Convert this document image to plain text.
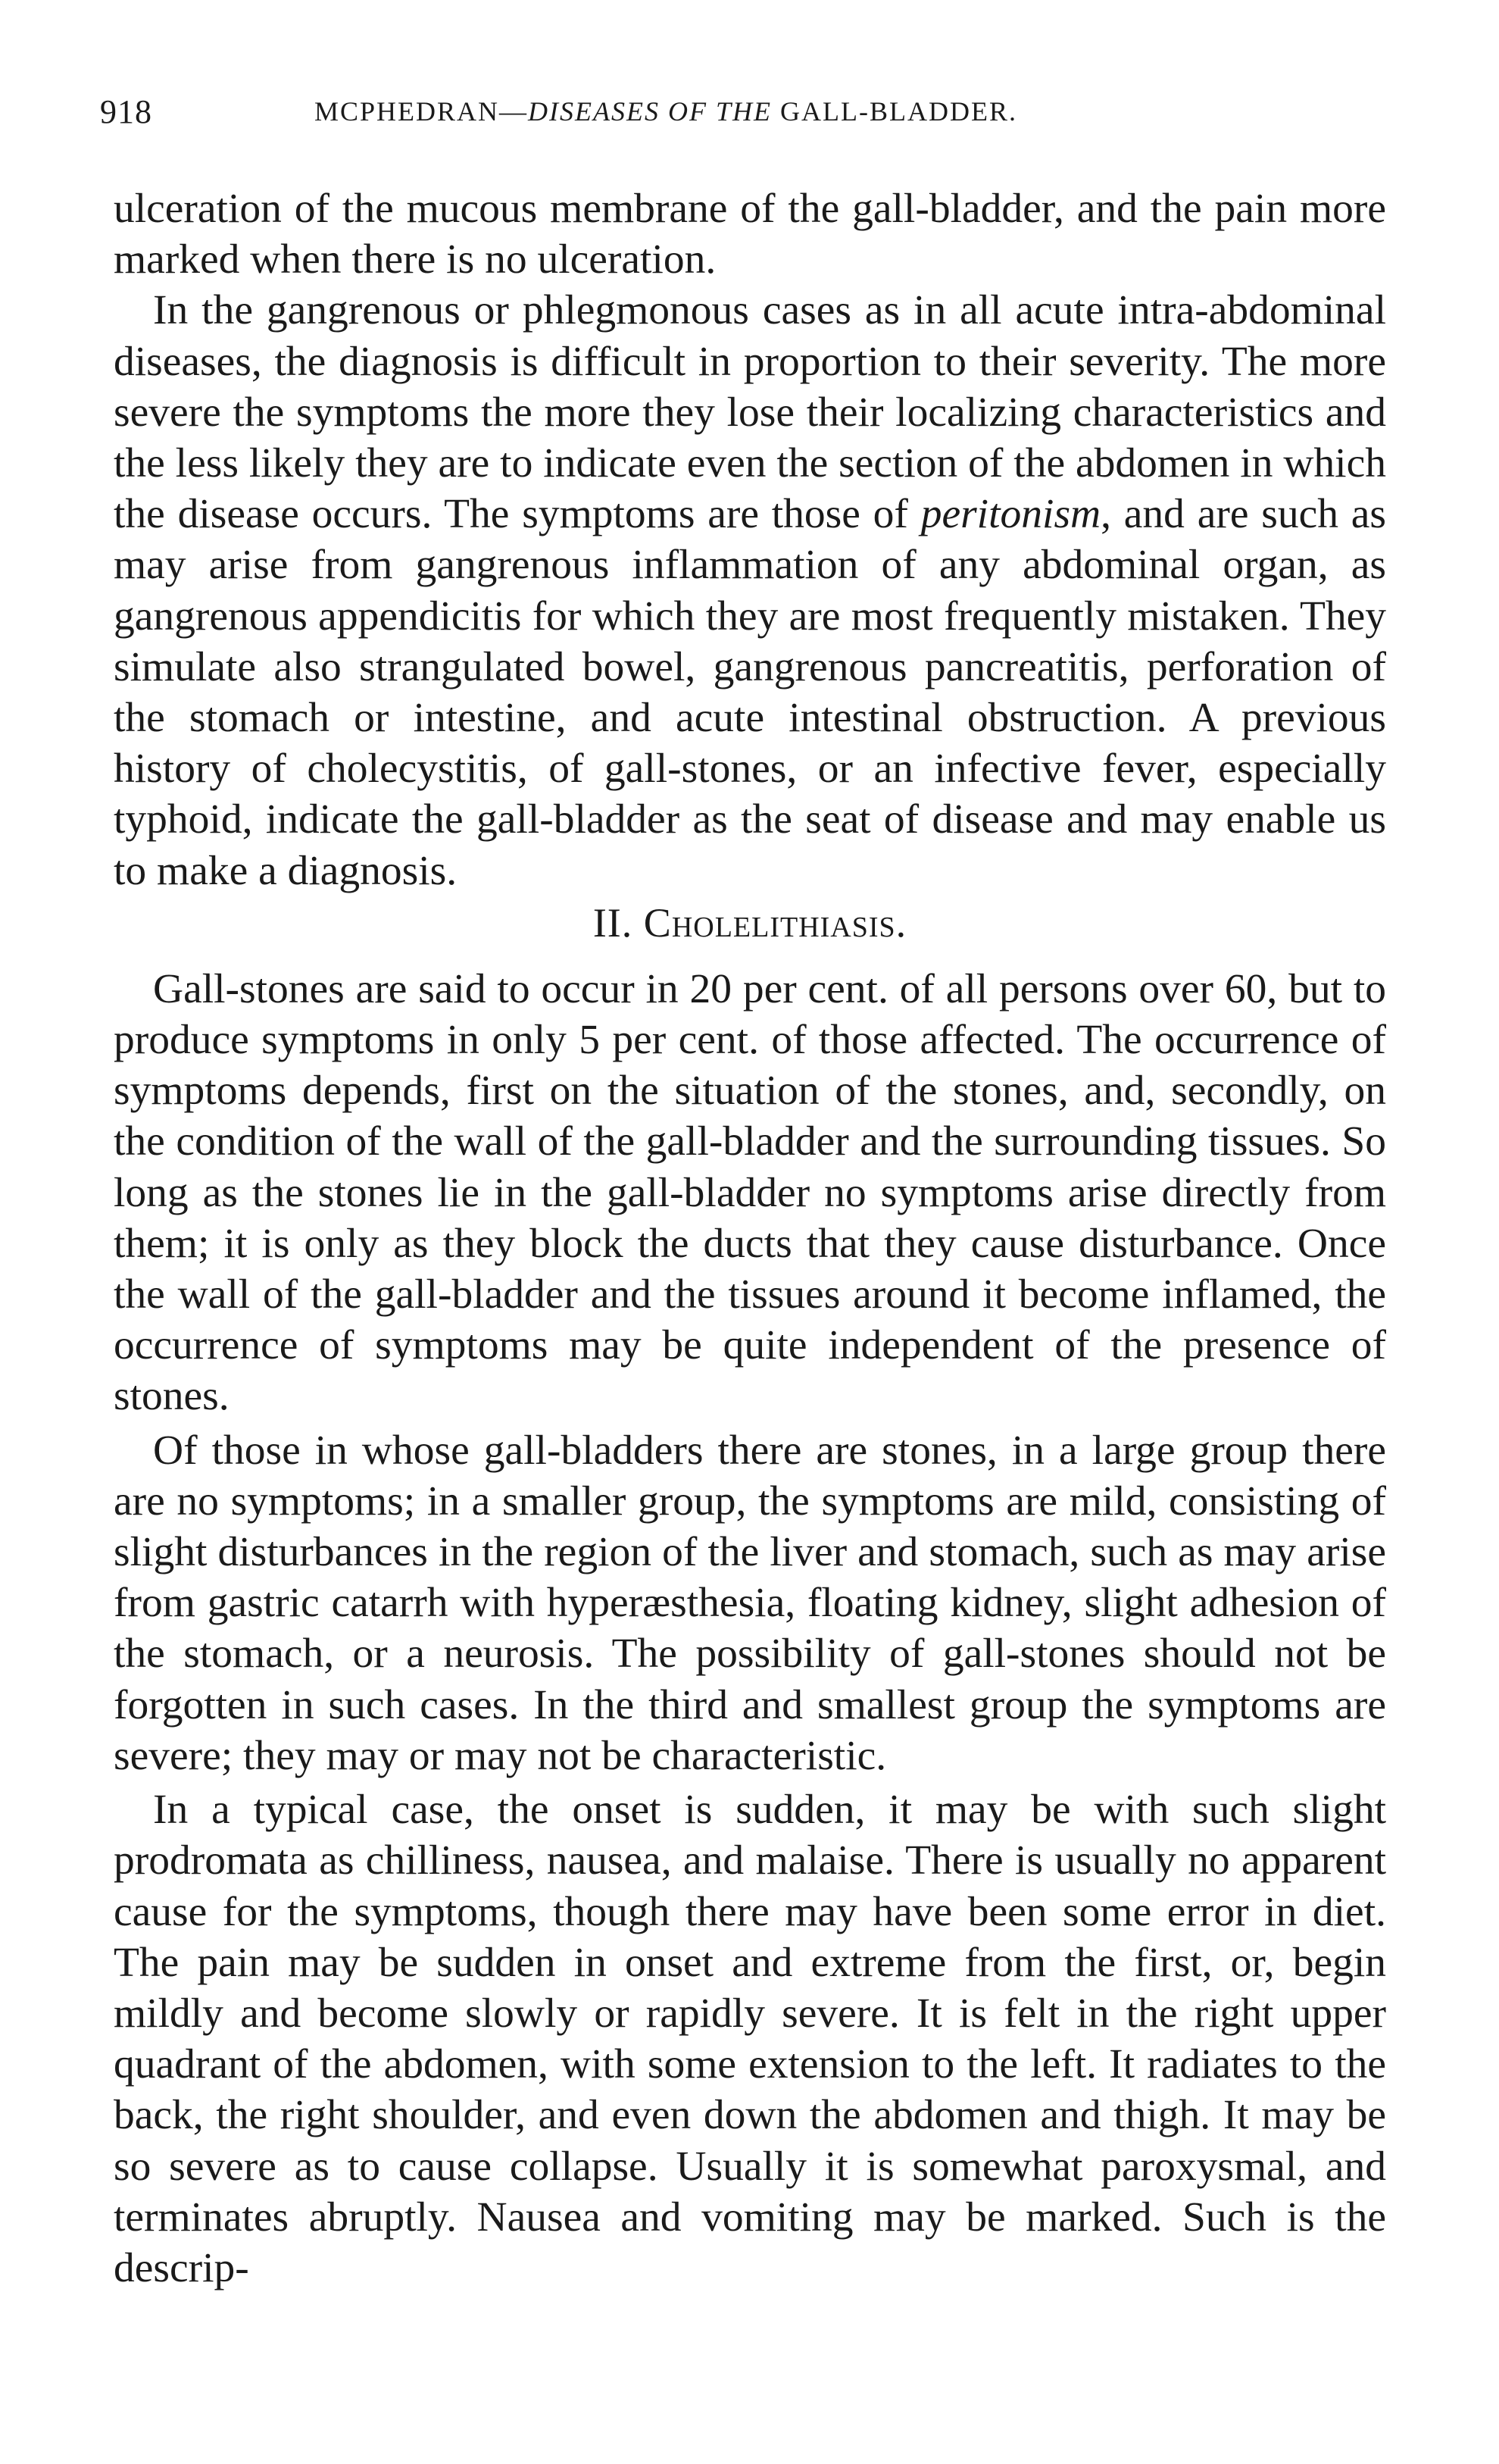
918	MCPHEDRAN—DISEASES OF THE GALL-BLADDER.

ulceration of the mucous membrane of the gall-bladder, and the pain more marked when there is no ulceration.

In the gangrenous or phlegmonous cases as in all acute intra-abdominal diseases, the diagnosis is difficult in proportion to their severity. The more severe the symptoms the more they lose their localizing characteristics and the less likely they are to indicate even the section of the abdomen in which the disease occurs. The symptoms are those of peritonism, and are such as may arise from gangrenous inflammation of any abdominal organ, as gangrenous appendicitis for which they are most frequently mistaken. They simulate also strangulated bowel, gangrenous pancreatitis, perforation of the stomach or intestine, and acute intestinal obstruction. A previous history of cholecystitis, of gall-stones, or an infective fever, especially typhoid, indicate the gall-bladder as the seat of disease and may enable us to make a diagnosis.

II. Cholelithiasis.

Gall-stones are said to occur in 20 per cent. of all persons over 60, but to produce symptoms in only 5 per cent. of those affected. The occurrence of symptoms depends, first on the situation of the stones, and, secondly, on the condition of the wall of the gall-bladder and the surrounding tissues. So long as the stones lie in the gall-bladder no symptoms arise directly from them; it is only as they block the ducts that they cause disturbance. Once the wall of the gall-bladder and the tissues around it become inflamed, the occurrence of symptoms may be quite independent of the presence of stones.

Of those in whose gall-bladders there are stones, in a large group there are no symptoms; in a smaller group, the symptoms are mild, consisting of slight disturbances in the region of the liver and stomach, such as may arise from gastric catarrh with hyperæsthesia, floating kidney, slight adhesion of the stomach, or a neurosis. The possibility of gall-stones should not be forgotten in such cases. In the third and smallest group the symptoms are severe; they may or may not be characteristic.

In a typical case, the onset is sudden, it may be with such slight prodromata as chilliness, nausea, and malaise. There is usually no apparent cause for the symptoms, though there may have been some error in diet. The pain may be sudden in onset and extreme from the first, or, begin mildly and become slowly or rapidly severe. It is felt in the right upper quadrant of the abdomen, with some extension to the left. It radiates to the back, the right shoulder, and even down the abdomen and thigh. It may be so severe as to cause collapse. Usually it is somewhat paroxysmal, and terminates abruptly. Nausea and vomiting may be marked. Such is the descrip-
